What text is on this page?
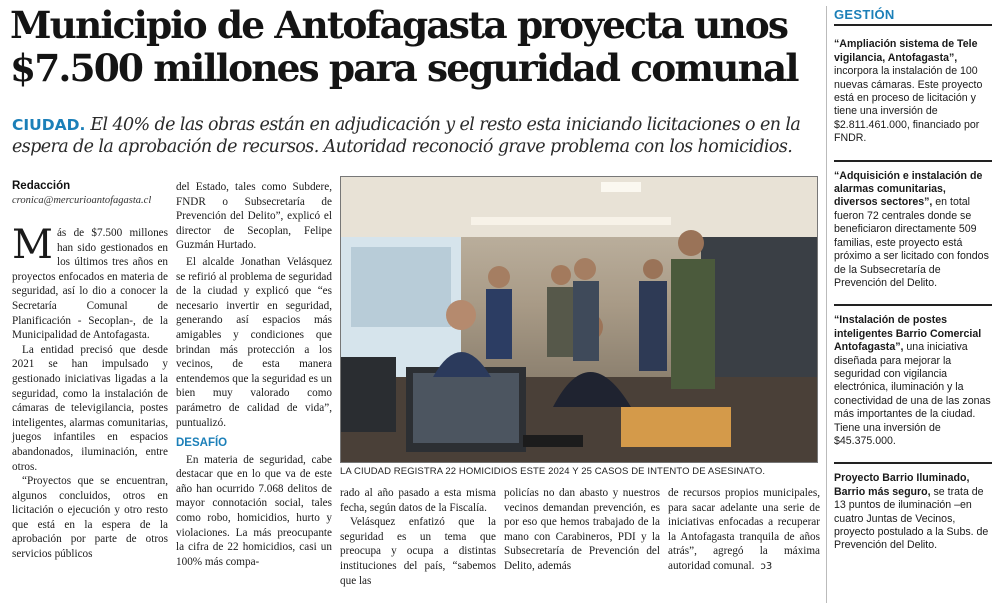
Municipio de Antofagasta proyecta unos $7.500 millones para seguridad comunal

CIUDAD. El 40% de las obras están en adjudicación y el resto esta iniciando licitaciones o en la espera de la aprobación de recursos. Autoridad reconoció grave problema con los homicidios.

Redacción
cronica@mercurioantofagasta.cl
M ás de $7.500 millones han sido gestionados en los últimos tres años en proyectos enfocados en materia de seguridad, así lo dio a conocer la Secretaría Comunal de Planificación - Secoplan-, de la Municipalidad de Antofagasta.

La entidad precisó que desde 2021 se han impulsado y gestionado iniciativas ligadas a la seguridad, como la instalación de cámaras de televigilancia, postes inteligentes, alarmas comunitarias, juegos infantiles en espacios abandonados, iluminación, entre otros.

“Proyectos que se encuentran, algunos concluidos, otros en licitación o ejecución y otro resto que está en la espera de la aprobación por parte de otros servicios públicos

del Estado, tales como Subdere, FNDR o Subsecretaría de Prevención del Delito”, explicó el director de Secoplan, Felipe Guzmán Hurtado.

El alcalde Jonathan Velásquez se refirió al problema de seguridad de la ciudad y explicó que “es necesario invertir en seguridad, generando así espacios más amigables y condiciones que brindan más protección a los vecinos, de esta manera entendemos que la seguridad es un bien muy valorado como parámetro de calidad de vida”, puntualizó.

DESAFÍO

En materia de seguridad, cabe destacar que en lo que va de este año han ocurrido 7.068 delitos de mayor connotación social, tales como robo, homicidios, hurto y violaciones. La más preocupante la cifra de 22 homicidios, casi un 100% más compa-

LA CIUDAD REGISTRA 22 HOMICIDIOS ESTE 2024 Y 25 CASOS DE INTENTO DE ASESINATO.

rado al año pasado a esta misma fecha, según datos de la Fiscalía.

Velásquez enfatizó que la seguridad es un tema que preocupa y ocupa a distintas instituciones del país, “sabemos que las

policías no dan abasto y nuestros vecinos demandan prevención, es por eso que hemos trabajado de la mano con Carabineros, PDI y la Subsecretaría de Prevención del Delito, además

de recursos propios municipales, para sacar adelante una serie de iniciativas enfocadas a recuperar la Antofagasta tranquila de años atrás”, agregó la máxima autoridad comunal. ↄ3

GESTIÓN
“Ampliación sistema de Tele vigilancia, Antofagasta”, incorpora la instalación de 100 nuevas cámaras. Este proyecto está en proceso de licitación y tiene una inversión de $2.811.461.000, financiado por FNDR.
“Adquisición e instalación de alarmas comunitarias, diversos sectores”, en total fueron 72 centrales donde se beneficiaron directamente 509 familias, este proyecto está próximo a ser licitado con fondos de la Subsecretaría de Prevención del Delito.
“Instalación de postes inteligentes Barrio Comercial Antofagasta”, una iniciativa diseñada para mejorar la seguridad con vigilancia electrónica, iluminación y la conectividad de una de las zonas más importantes de la ciudad. Tiene una inversión de $45.375.000.
Proyecto Barrio Iluminado, Barrio más seguro, se trata de 13 puntos de iluminación –en cuatro Juntas de Vecinos, proyecto postulado a la Subs. de Prevención del Delito.
